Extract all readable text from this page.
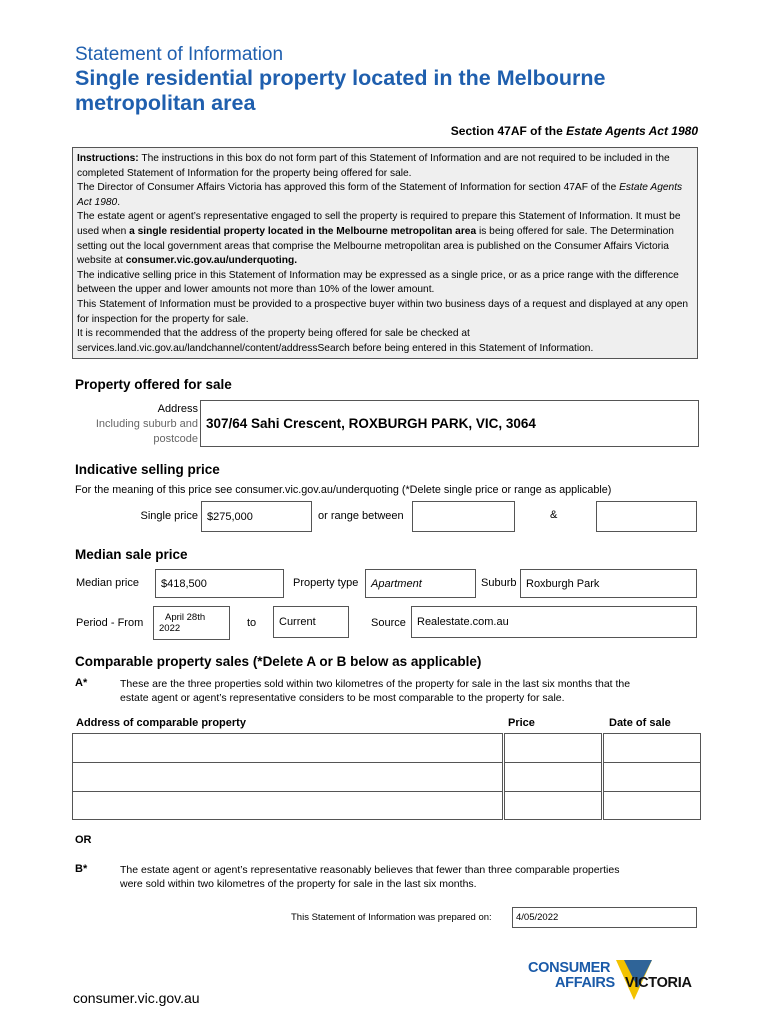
Statement of Information
Single residential property located in the Melbourne
metropolitan area
Section 47AF of the Estate Agents Act 1980

Instructions: The instructions in this box do not form part of this Statement of Information and are not required to be included in the completed Statement of Information for the property being offered for sale.

The Director of Consumer Affairs Victoria has approved this form of the Statement of Information for section 47AF of the Estate Agents Act 1980.

The estate agent or agent’s representative engaged to sell the property is required to prepare this Statement of Information. It must be used when a single residential property located in the Melbourne metropolitan area is being offered for sale. The Determination setting out the local government areas that comprise the Melbourne metropolitan area is published on the Consumer Affairs Victoria website at consumer.vic.gov.au/underquoting.

The indicative selling price in this Statement of Information may be expressed as a single price, or as a price range with the difference between the upper and lower amounts not more than 10% of the lower amount.

This Statement of Information must be provided to a prospective buyer within two business days of a request and displayed at any open for inspection for the property for sale.

It is recommended that the address of the property being offered for sale be checked at services.land.vic.gov.au/landchannel/content/addressSearch before being entered in this Statement of Information.

Property offered for sale
Address
Including suburb and
postcode
307/64 Sahi Crescent, ROXBURGH PARK, VIC, 3064
Indicative selling price
For the meaning of this price see consumer.vic.gov.au/underquoting (*Delete single price or range as applicable)
Single price $275,000	or range between	&
Median sale price
Median price	$418,500	Property type	Apartment	Suburb Roxburgh Park
Period - From	April 28th
2022	to	Current	Source	Realestate.com.au
Comparable property sales (*Delete A or B below as applicable)
A*	These are the three properties sold within two kilometres of the property for sale in the last six months that the
estate agent or agent’s representative considers to be most comparable to the property for sale.
Address of comparable property	Price	Date of sale
OR
B*	The estate agent or agent’s representative reasonably believes that fewer than three comparable properties
were sold within two kilometres of the property for sale in the last six months.
This Statement of Information was prepared on:	4/05/2022
CONSUMER
AFFAIRS VICTORIA
consumer.vic.gov.au
